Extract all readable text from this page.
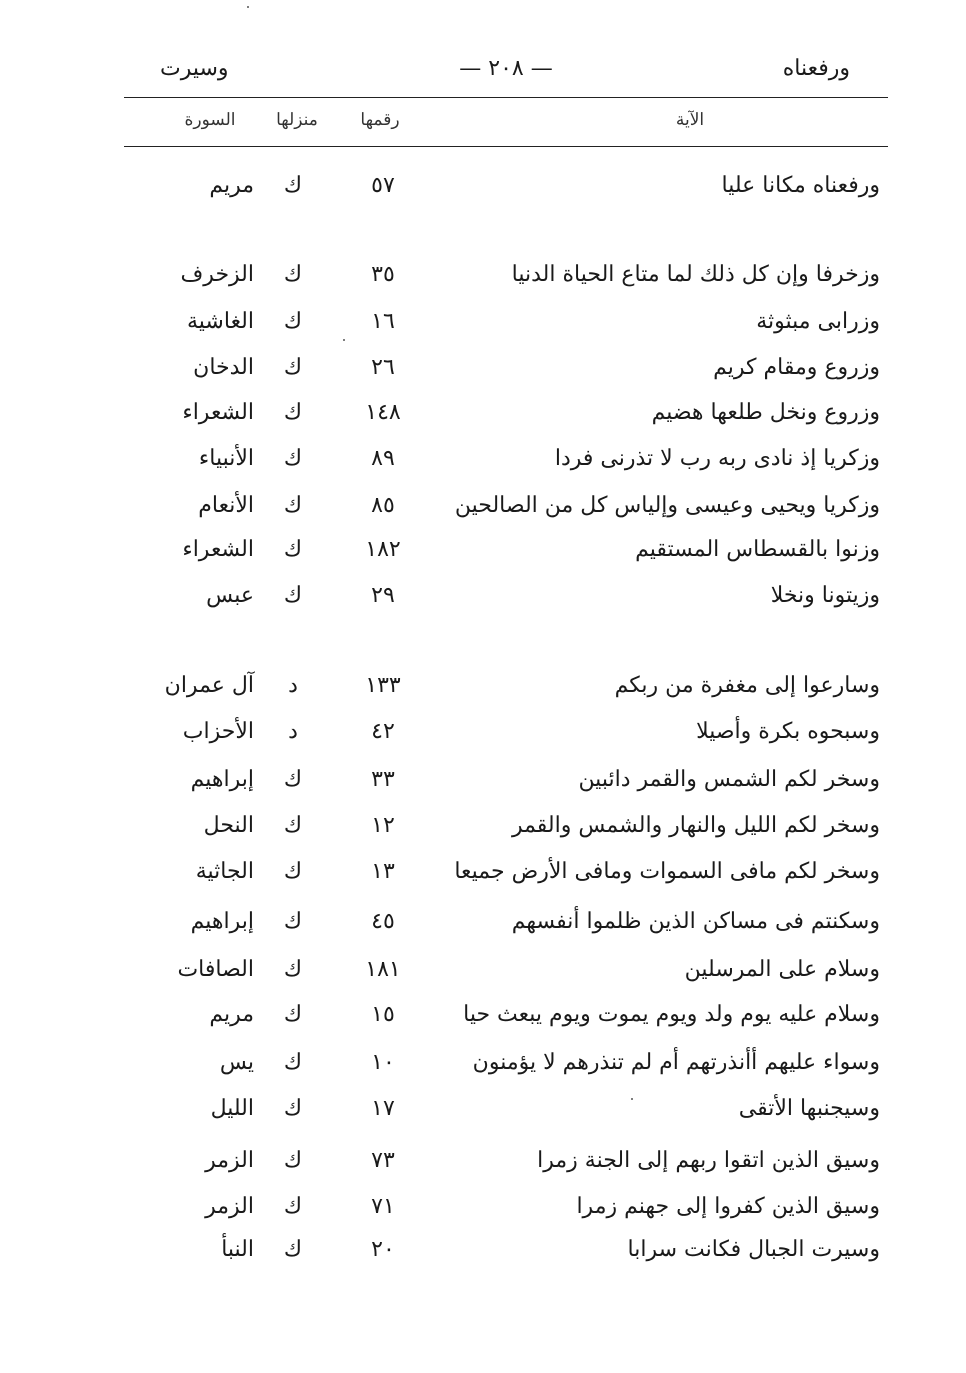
ورفعناه
— ٢٠٨ —
وسيرت
الآية
رقمها
منزلها
السورة
ورفعناه مكانا عليا
٥٧
ك
مريم
وزخرفا وإن كل ذلك لما متاع الحياة الدنيا
٣٥
ك
الزخرف
وزرابى مبثوثة
١٦
ك
الغاشية
وزروع ومقام كريم
٢٦
ك
الدخان
وزروع ونخل طلعها هضيم
١٤٨
ك
الشعراء
وزكريا إذ نادى ربه رب لا تذرنى فردا
٨٩
ك
الأنبياء
وزكريا ويحيى وعيسى وإلياس كل من الصالحين
٨٥
ك
الأنعام
وزنوا بالقسطاس المستقيم
١٨٢
ك
الشعراء
وزيتونا ونخلا
٢٩
ك
عبس
وسارعوا إلى مغفرة من ربكم
١٣٣
د
آل عمران
وسبحوه بكرة وأصيلا
٤٢
د
الأحزاب
وسخر لكم الشمس والقمر دائبين
٣٣
ك
إبراهيم
وسخر لكم الليل والنهار والشمس والقمر
١٢
ك
النحل
وسخر لكم مافى السموات ومافى الأرض جميعا
١٣
ك
الجاثية
وسكنتم فى مساكن الذين ظلموا أنفسهم
٤٥
ك
إبراهيم
وسلام على المرسلين
١٨١
ك
الصافات
وسلام عليه يوم ولد ويوم يموت ويوم يبعث حيا
١٥
ك
مريم
وسواء عليهم أأنذرتهم أم لم تنذرهم لا يؤمنون
١٠
ك
يس
وسيجنبها الأتقى
١٧
ك
الليل
وسيق الذين اتقوا ربهم إلى الجنة زمرا
٧٣
ك
الزمر
وسيق الذين كفروا إلى جهنم زمرا
٧١
ك
الزمر
وسيرت الجبال فكانت سرابا
٢٠
ك
النبأ
